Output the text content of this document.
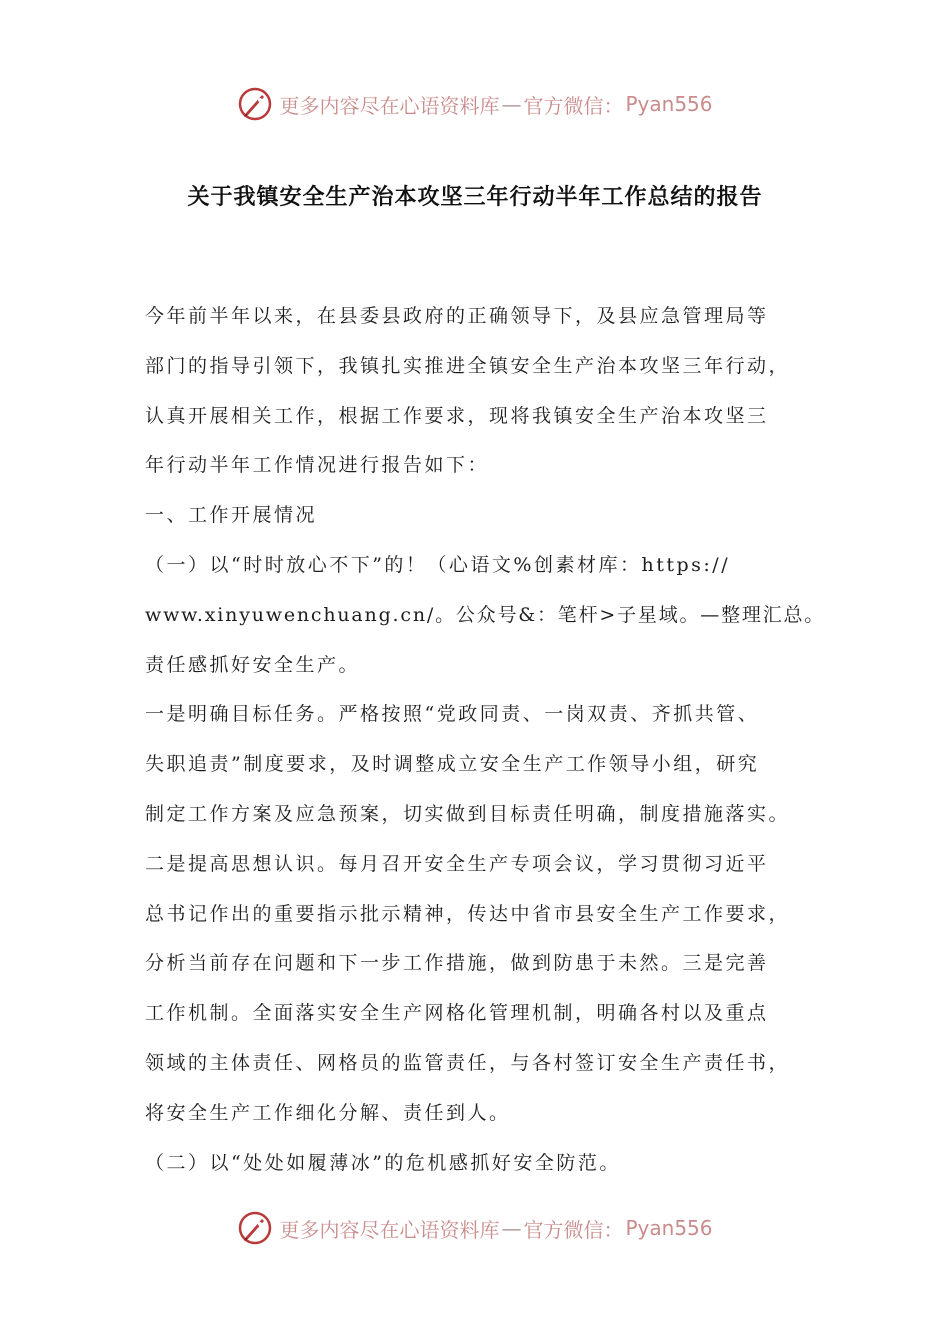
更多内容尽在心语资料库 — 官方微信： Pyan556
关于我镇安全生产治本攻坚三年行动半年工作总结的报告
今年前半年以来，在县委县政府的正确领导下，及县应急管理局等
部门的指导引领下，我镇扎实推进全镇安全生产治本攻坚三年行动，
认真开展相关工作，根据工作要求，现将我镇安全生产治本攻坚三
年行动半年工作情况进行报告如下：
一、工作开展情况
（一）以“时时放心不下”的！（心语文%创素材库：https://
www.xinyuwenchuang.cn/。公众号&：笔杆>子星域。—整理汇总。
责任感抓好安全生产。
一是明确目标任务。严格按照“党政同责、一岗双责、齐抓共管、
失职追责”制度要求，及时调整成立安全生产工作领导小组，研究
制定工作方案及应急预案，切实做到目标责任明确，制度措施落实。
二是提高思想认识。每月召开安全生产专项会议，学习贯彻习近平
总书记作出的重要指示批示精神，传达中省市县安全生产工作要求，
分析当前存在问题和下一步工作措施，做到防患于未然。三是完善
工作机制。全面落实安全生产网格化管理机制，明确各村以及重点
领域的主体责任、网格员的监管责任，与各村签订安全生产责任书，
将安全生产工作细化分解、责任到人。
（二）以“处处如履薄冰”的危机感抓好安全防范。
更多内容尽在心语资料库 — 官方微信： Pyan556
